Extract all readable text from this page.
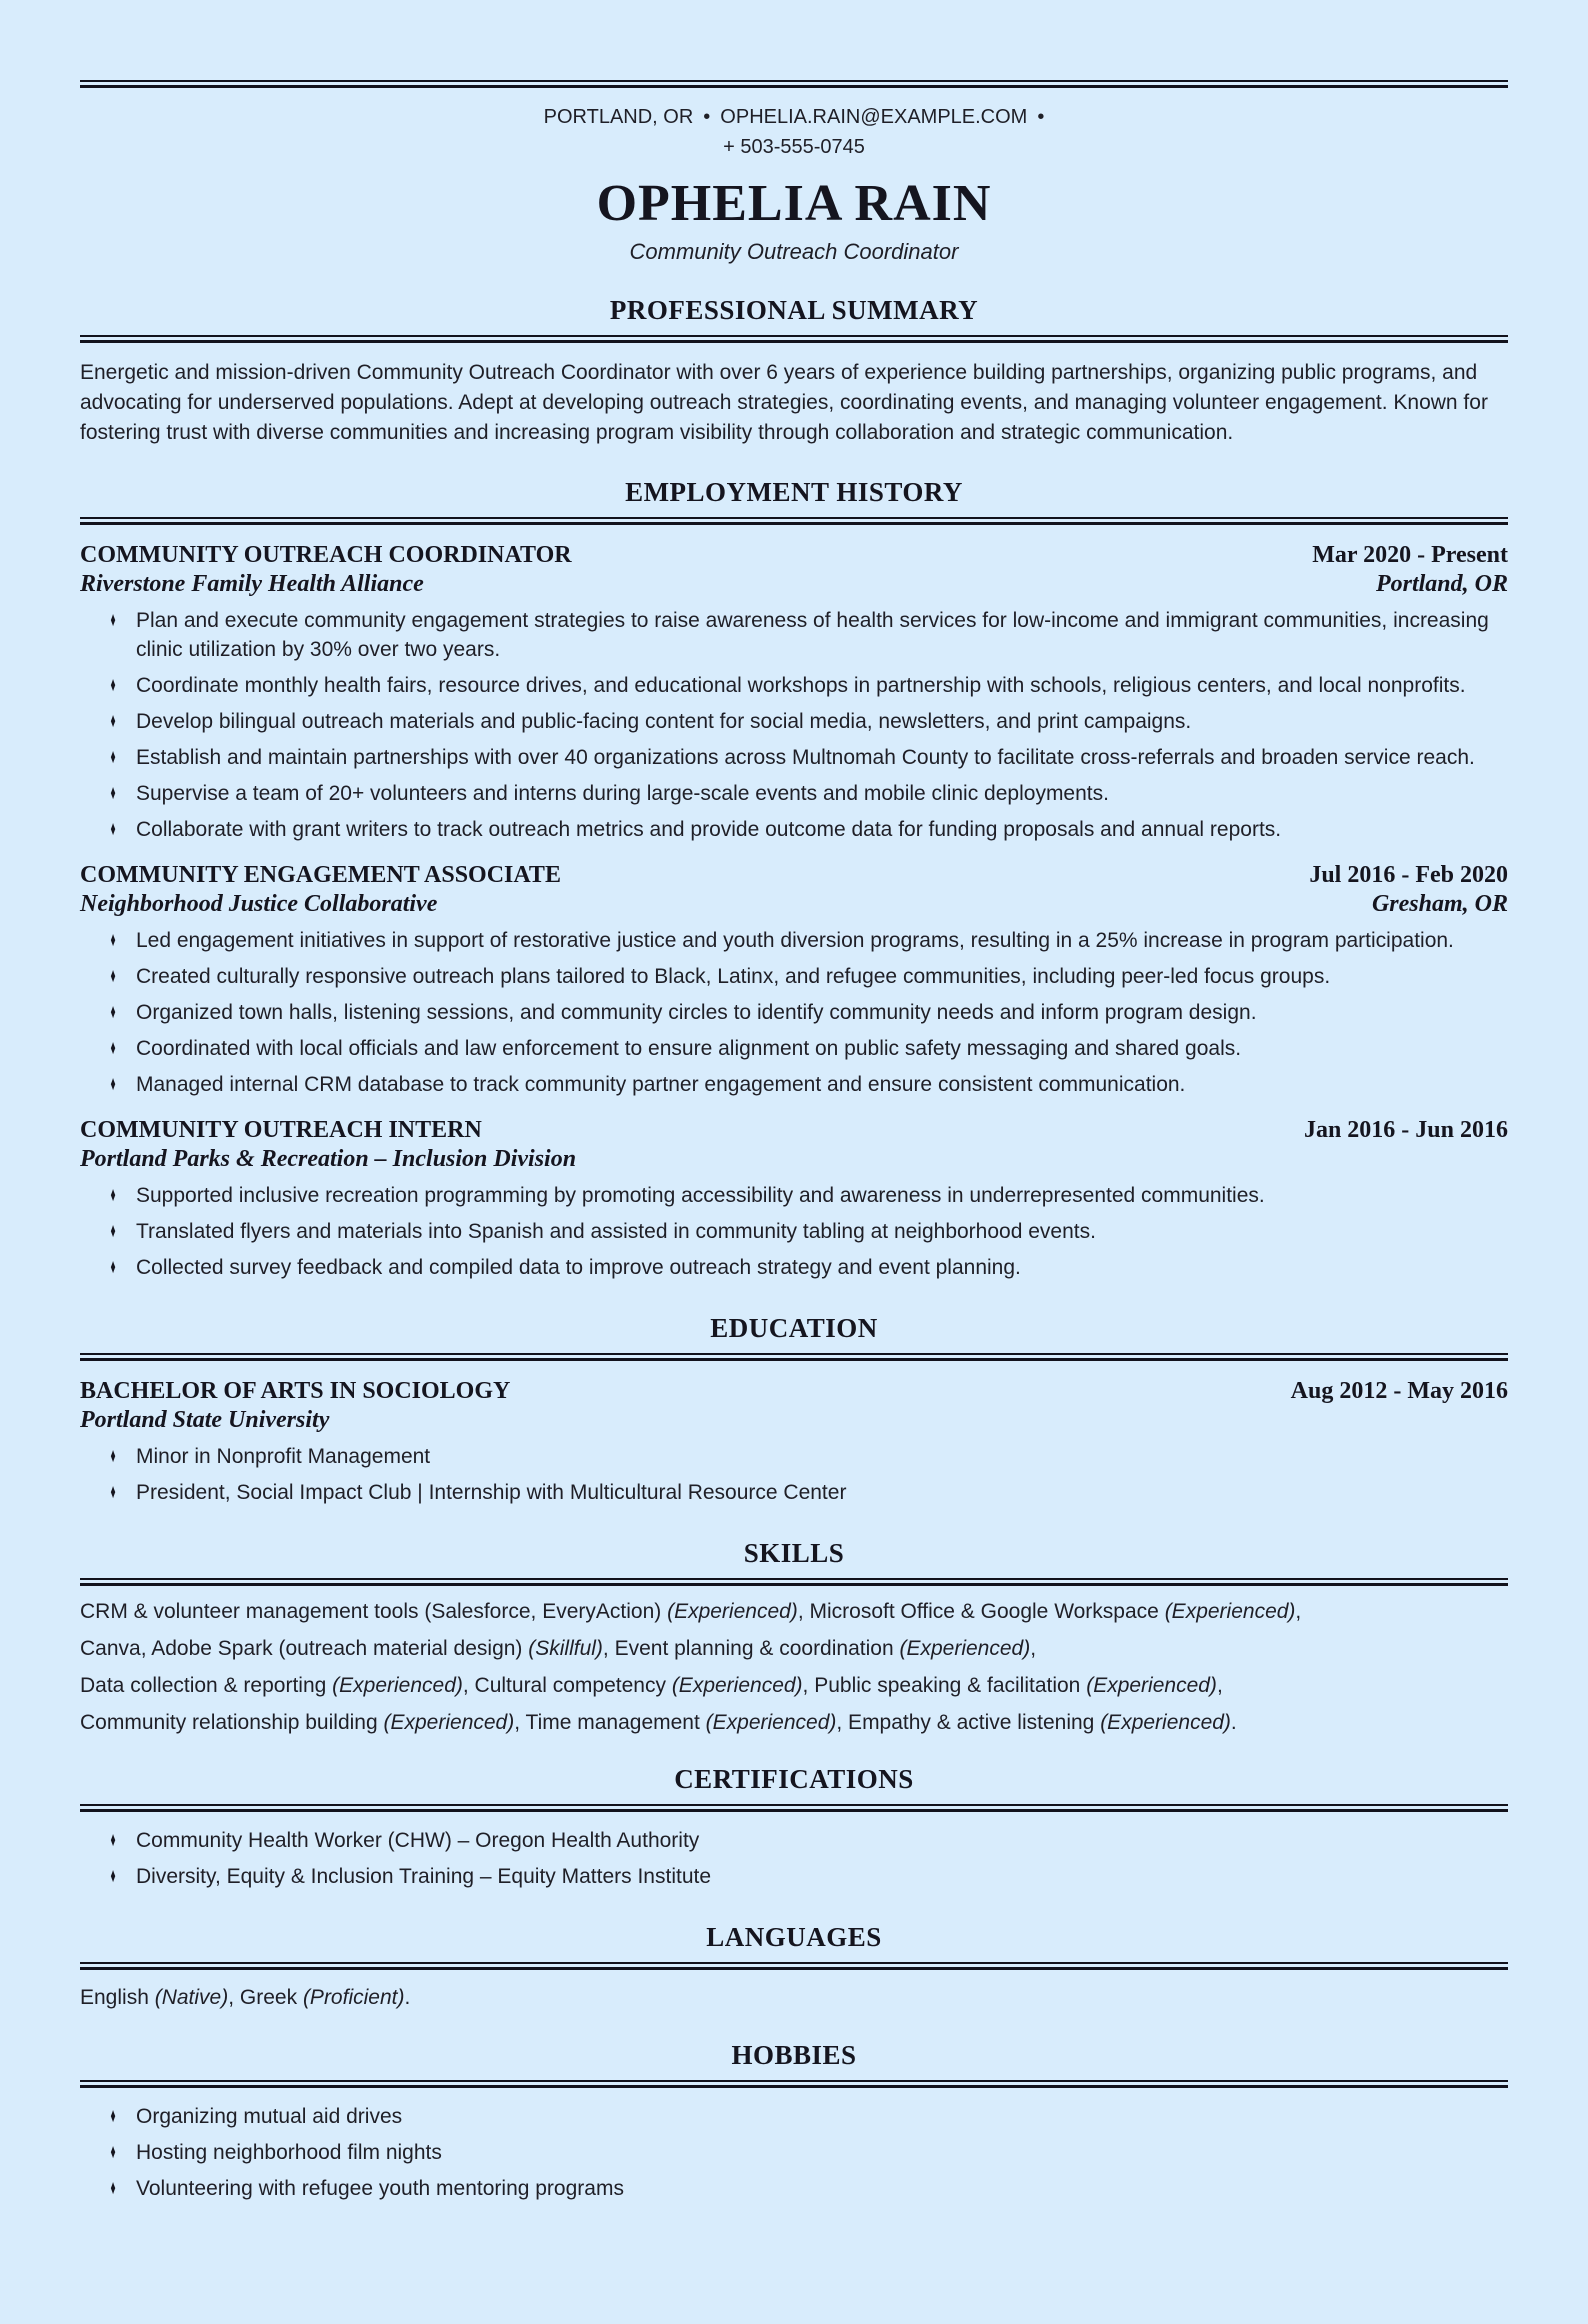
PORTLAND, OR • OPHELIA.RAIN@EXAMPLE.COM •
+ 503-555-0745
OPHELIA RAIN
Community Outreach Coordinator
PROFESSIONAL SUMMARY

Energetic and mission-driven Community Outreach Coordinator with over 6 years of experience building partnerships, organizing public programs, and advocating for underserved populations. Adept at developing outreach strategies, coordinating events, and managing volunteer engagement. Known for fostering trust with diverse communities and increasing program visibility through collaboration and strategic communication.

EMPLOYMENT HISTORY
COMMUNITY OUTREACH COORDINATOR	Mar 2020 - Present
Riverstone Family Health Alliance	Portland, OR
♦ Plan and execute community engagement strategies to raise awareness of health services for low-income and immigrant communities, increasing clinic utilization by 30% over two years.
♦ Coordinate monthly health fairs, resource drives, and educational workshops in partnership with schools, religious centers, and local nonprofits.
♦ Develop bilingual outreach materials and public-facing content for social media, newsletters, and print campaigns.
♦ Establish and maintain partnerships with over 40 organizations across Multnomah County to facilitate cross-referrals and broaden service reach.
♦ Supervise a team of 20+ volunteers and interns during large-scale events and mobile clinic deployments.
♦ Collaborate with grant writers to track outreach metrics and provide outcome data for funding proposals and annual reports.
COMMUNITY ENGAGEMENT ASSOCIATE	Jul 2016 - Feb 2020
Neighborhood Justice Collaborative	Gresham, OR
♦ Led engagement initiatives in support of restorative justice and youth diversion programs, resulting in a 25% increase in program participation.
♦ Created culturally responsive outreach plans tailored to Black, Latinx, and refugee communities, including peer-led focus groups.
♦ Organized town halls, listening sessions, and community circles to identify community needs and inform program design.
♦ Coordinated with local officials and law enforcement to ensure alignment on public safety messaging and shared goals.
♦ Managed internal CRM database to track community partner engagement and ensure consistent communication.
COMMUNITY OUTREACH INTERN	Jan 2016 - Jun 2016
Portland Parks & Recreation – Inclusion Division
♦ Supported inclusive recreation programming by promoting accessibility and awareness in underrepresented communities.
♦ Translated flyers and materials into Spanish and assisted in community tabling at neighborhood events.
♦ Collected survey feedback and compiled data to improve outreach strategy and event planning.
EDUCATION
BACHELOR OF ARTS IN SOCIOLOGY	Aug 2012 - May 2016
Portland State University
♦ Minor in Nonprofit Management
♦ President, Social Impact Club | Internship with Multicultural Resource Center
SKILLS
CRM & volunteer management tools (Salesforce, EveryAction) (Experienced), Microsoft Office & Google Workspace (Experienced),
Canva, Adobe Spark (outreach material design) (Skillful), Event planning & coordination (Experienced),
Data collection & reporting (Experienced), Cultural competency (Experienced), Public speaking & facilitation (Experienced),
Community relationship building (Experienced), Time management (Experienced), Empathy & active listening (Experienced).
CERTIFICATIONS
♦ Community Health Worker (CHW) – Oregon Health Authority
♦ Diversity, Equity & Inclusion Training – Equity Matters Institute
LANGUAGES

English (Native), Greek (Proficient).

HOBBIES
♦ Organizing mutual aid drives
♦ Hosting neighborhood film nights
♦ Volunteering with refugee youth mentoring programs
